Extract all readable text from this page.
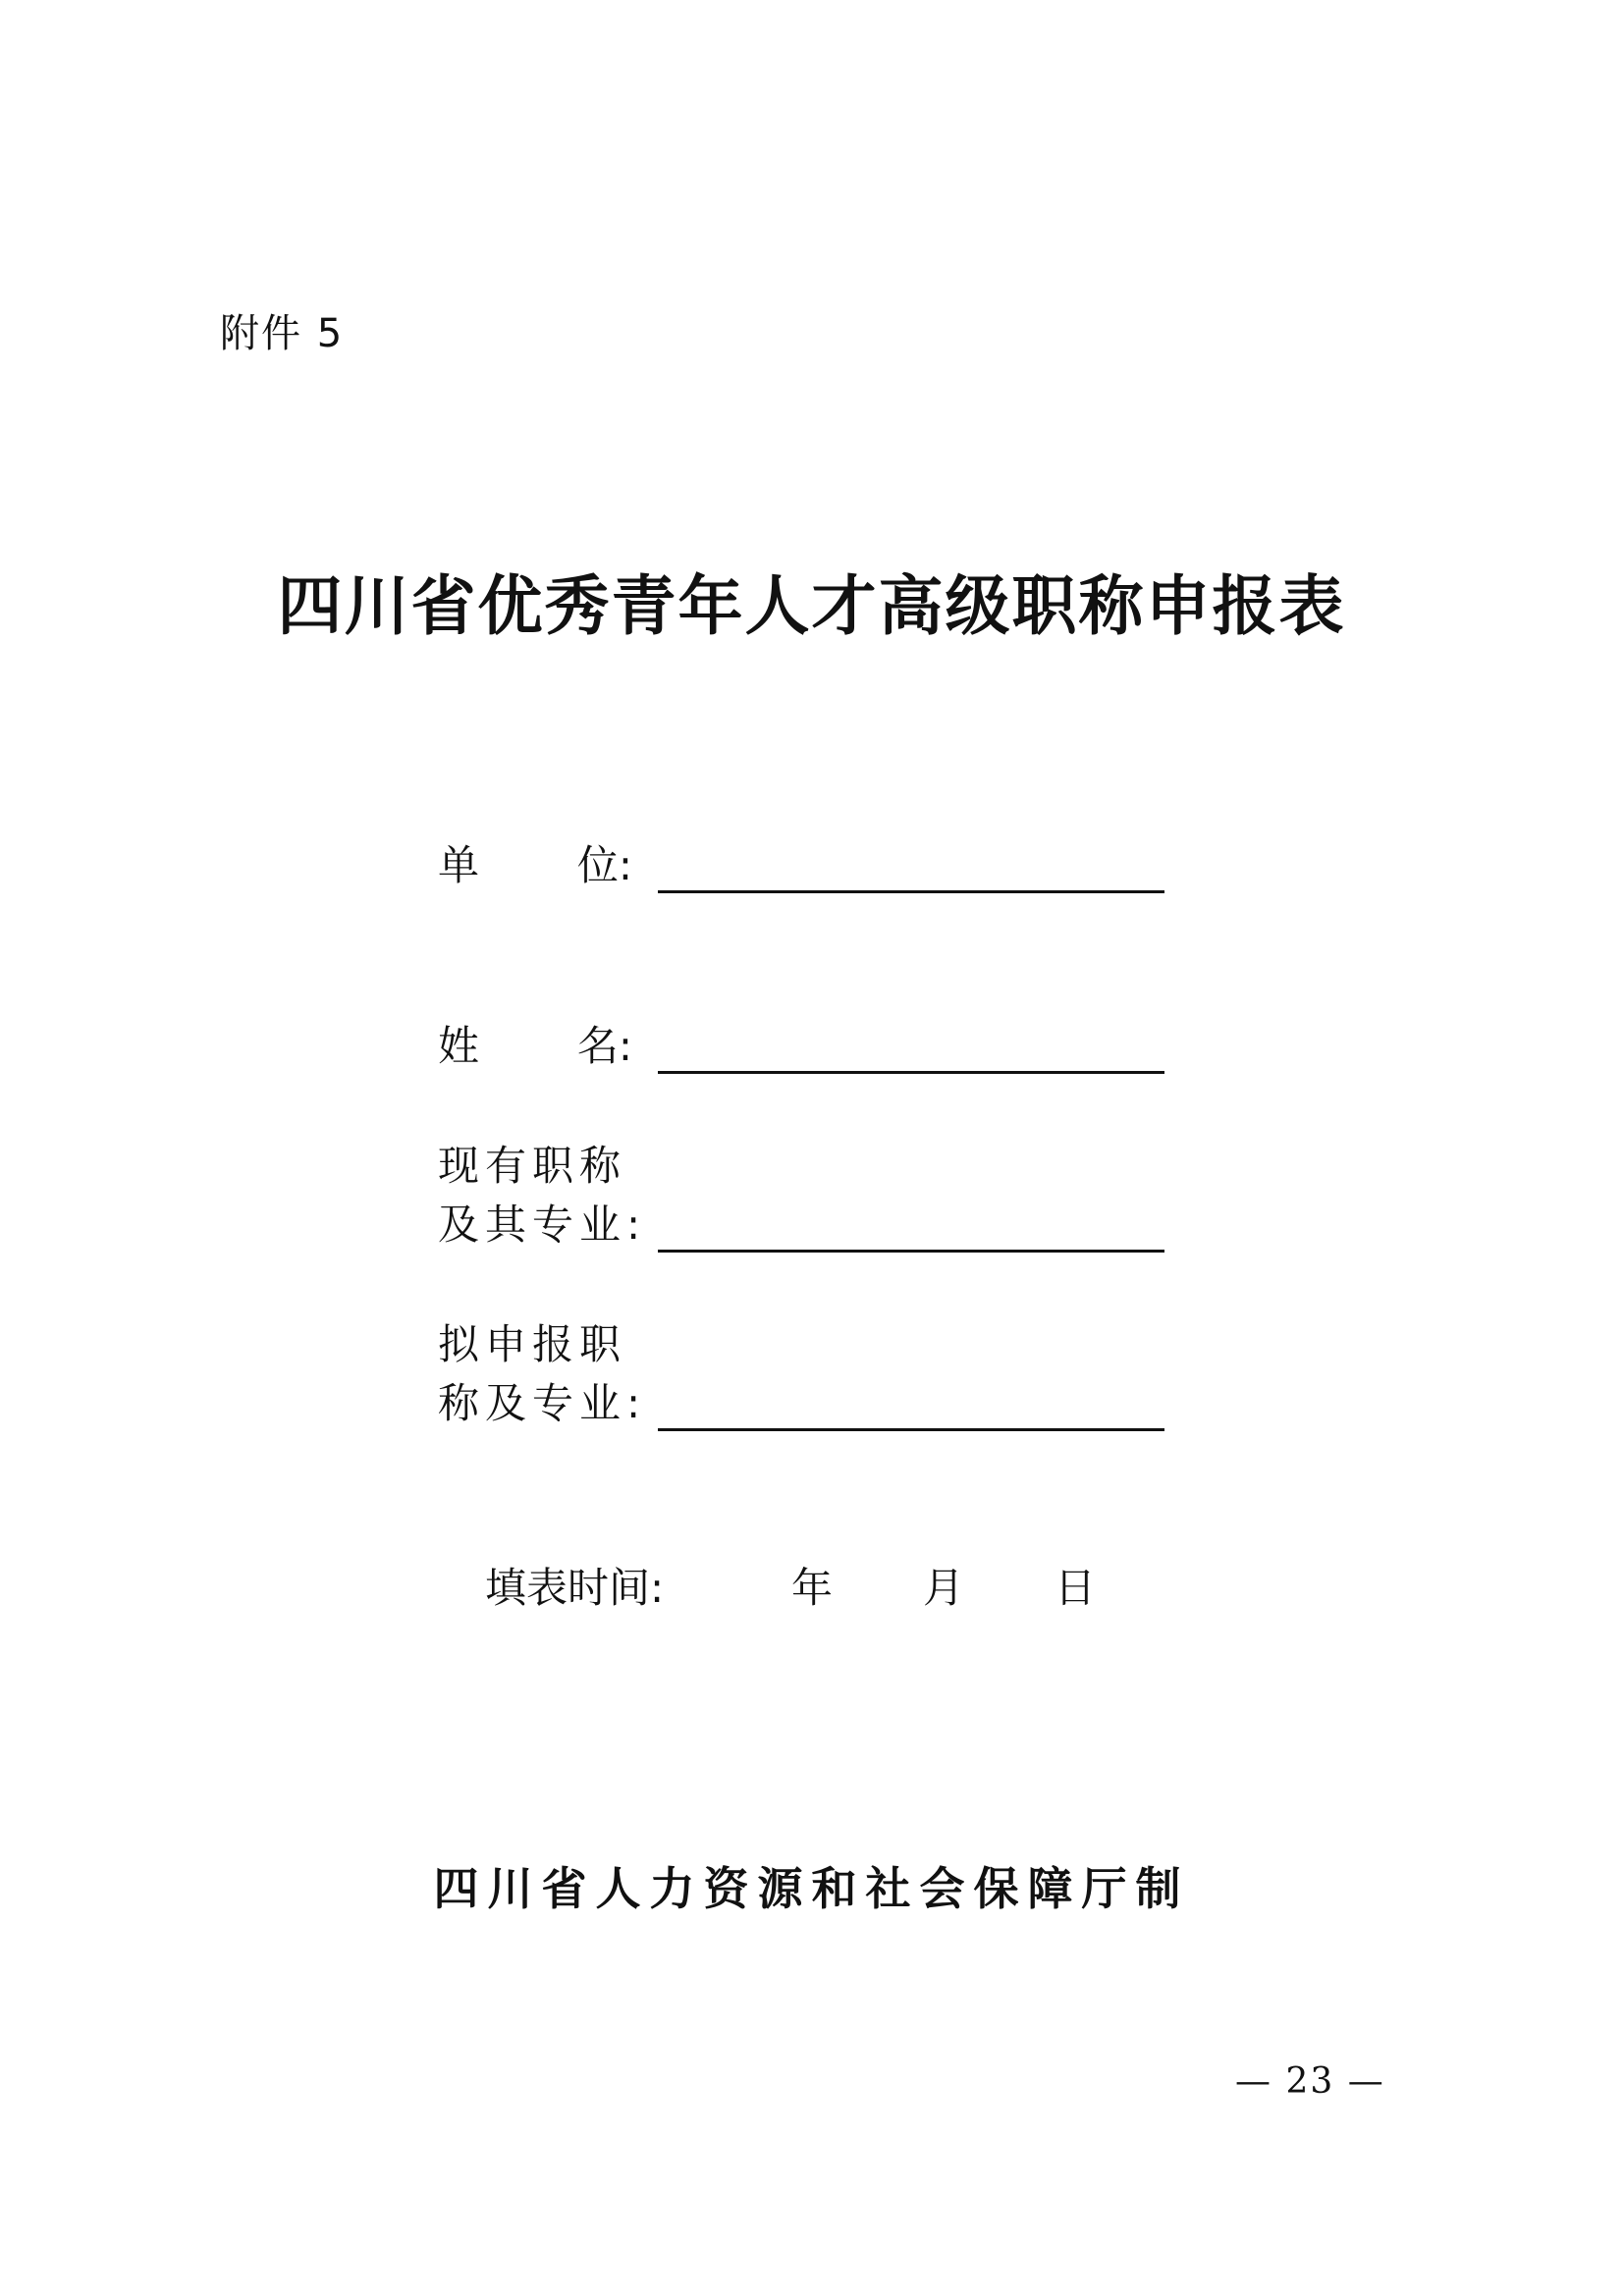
附件 5
四川省优秀青年人才高级职称申报表
单 位:
姓 名:
现有职称
及其专业:
拟申报职
称及专业:
填表时间:	年 月 日
四川省人力资源和社会保障厅制
— 23 —
